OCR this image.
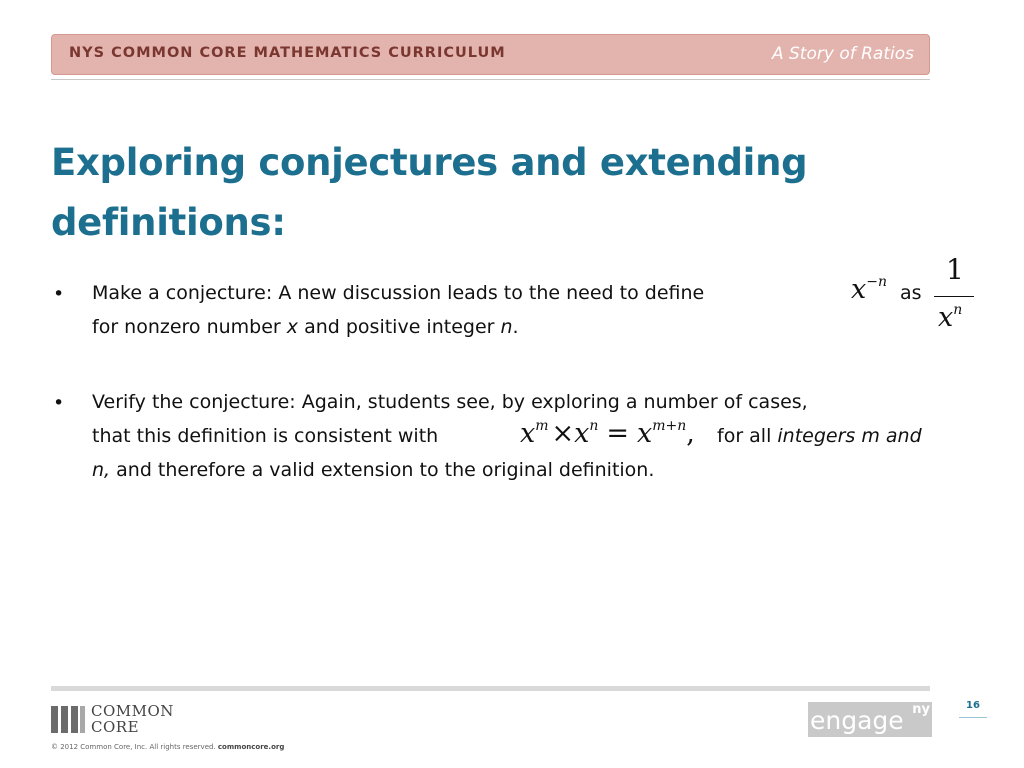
NYS COMMON CORE MATHEMATICS CURRICULUM	A Story of Ratios
Exploring conjectures and extending definitions:
• Make a conjecture: A new discussion leads to the need to define	$x^{-n}$ as
1
$x^n$
for nonzero number x and positive integer n.
• Verify the conjecture: Again, students see, by exploring a number of cases,
that this definition is consistent with	$x^m \times x^n = x^{m+n}$, for all integers m and
n, and therefore a valid extension to the original definition.
COMMON
CORE
© 2012 Common Core, Inc. All rights reserved. commoncore.org
engage ny	16
